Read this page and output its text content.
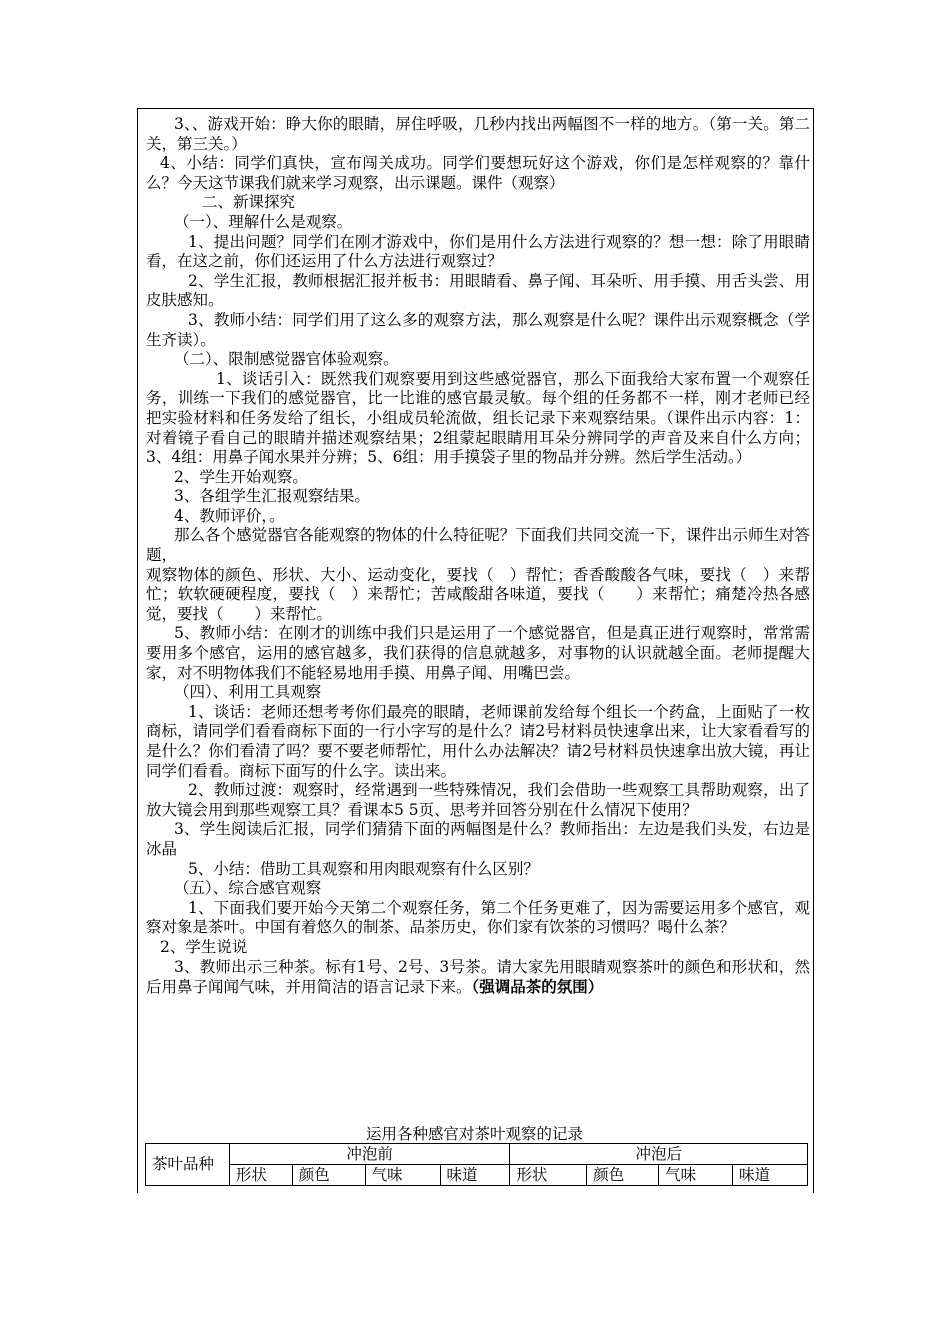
3、、游戏开始：睁大你的眼睛，屏住呼吸，几秒内找出两幅图不一样的地方。（第一关。第二关，第三关。）

4、小结：同学们真快，宣布闯关成功。同学们要想玩好这个游戏，你们是怎样观察的？靠什么？今天这节课我们就来学习观察，出示课题。课件（观察）

二、新课探究

（一）、理解什么是观察。

1、提出问题？同学们在刚才游戏中，你们是用什么方法进行观察的？想一想：除了用眼睛看，在这之前，你们还运用了什么方法进行观察过？

2、学生汇报，教师根据汇报并板书：用眼睛看、鼻子闻、耳朵听、用手摸、用舌头尝、用皮肤感知。

3、教师小结：同学们用了这么多的观察方法，那么观察是什么呢？课件出示观察概念（学生齐读）。

（二）、限制感觉器官体验观察。

1、谈话引入：既然我们观察要用到这些感觉器官，那么下面我给大家布置一个观察任务，训练一下我们的感觉器官，比一比谁的感官最灵敏。每个组的任务都不一样，刚才老师已经把实验材料和任务发给了组长，小组成员轮流做，组长记录下来观察结果。（课件出示内容：1：对着镜子看自己的眼睛并描述观察结果；2组蒙起眼睛用耳朵分辨同学的声音及来自什么方向；3、4组：用鼻子闻水果并分辨；5、6组：用手摸袋子里的物品并分辨。然后学生活动。）

2、学生开始观察。

3、各组学生汇报观察结果。

4、教师评价，。

那么各个感觉器官各能观察的物体的什么特征呢？下面我们共同交流一下，课件出示师生对答题，

观察物体的颜色、形状、大小、运动变化，要找（　）帮忙；香香酸酸各气味，要找（　）来帮忙；软软硬硬程度，要找（　）来帮忙；苦咸酸甜各味道，要找（　　）来帮忙；痛楚冷热各感觉，要找（　　）来帮忙。

5、教师小结：在刚才的训练中我们只是运用了一个感觉器官，但是真正进行观察时，常常需要用多个感官，运用的感官越多，我们获得的信息就越多，对事物的认识就越全面。老师提醒大家，对不明物体我们不能轻易地用手摸、用鼻子闻、用嘴巴尝。

（四）、利用工具观察

1、谈话：老师还想考考你们最亮的眼睛，老师课前发给每个组长一个药盒，上面贴了一枚商标，请同学们看看商标下面的一行小字写的是什么？请2号材料员快速拿出来，让大家看看写的是什么？你们看清了吗？要不要老师帮忙，用什么办法解决？请2号材料员快速拿出放大镜，再让同学们看看。商标下面写的什么字。读出来。

2、教师过渡：观察时，经常遇到一些特殊情况，我们会借助一些观察工具帮助观察，出了放大镜会用到那些观察工具？看课本5 5页、思考并回答分别在什么情况下使用？

3、学生阅读后汇报，同学们猜猜下面的两幅图是什么？教师指出：左边是我们头发，右边是冰晶

5、小结：借助工具观察和用肉眼观察有什么区别？

（五）、综合感官观察

1、下面我们要开始今天第二个观察任务，第二个任务更难了，因为需要运用多个感官，观察对象是茶叶。中国有着悠久的制茶、品茶历史，你们家有饮茶的习惯吗？喝什么茶？

2、学生说说

3、教师出示三种茶。标有1号、2号、3号茶。请大家先用眼睛观察茶叶的颜色和形状和，然后用鼻子闻闻气味，并用简洁的语言记录下来。（强调品茶的氛围）

运用各种感官对茶叶观察的记录
茶叶品种	冲泡前				冲泡后			
	形状	颜色	气味	味道	形状	颜色	气味	味道
